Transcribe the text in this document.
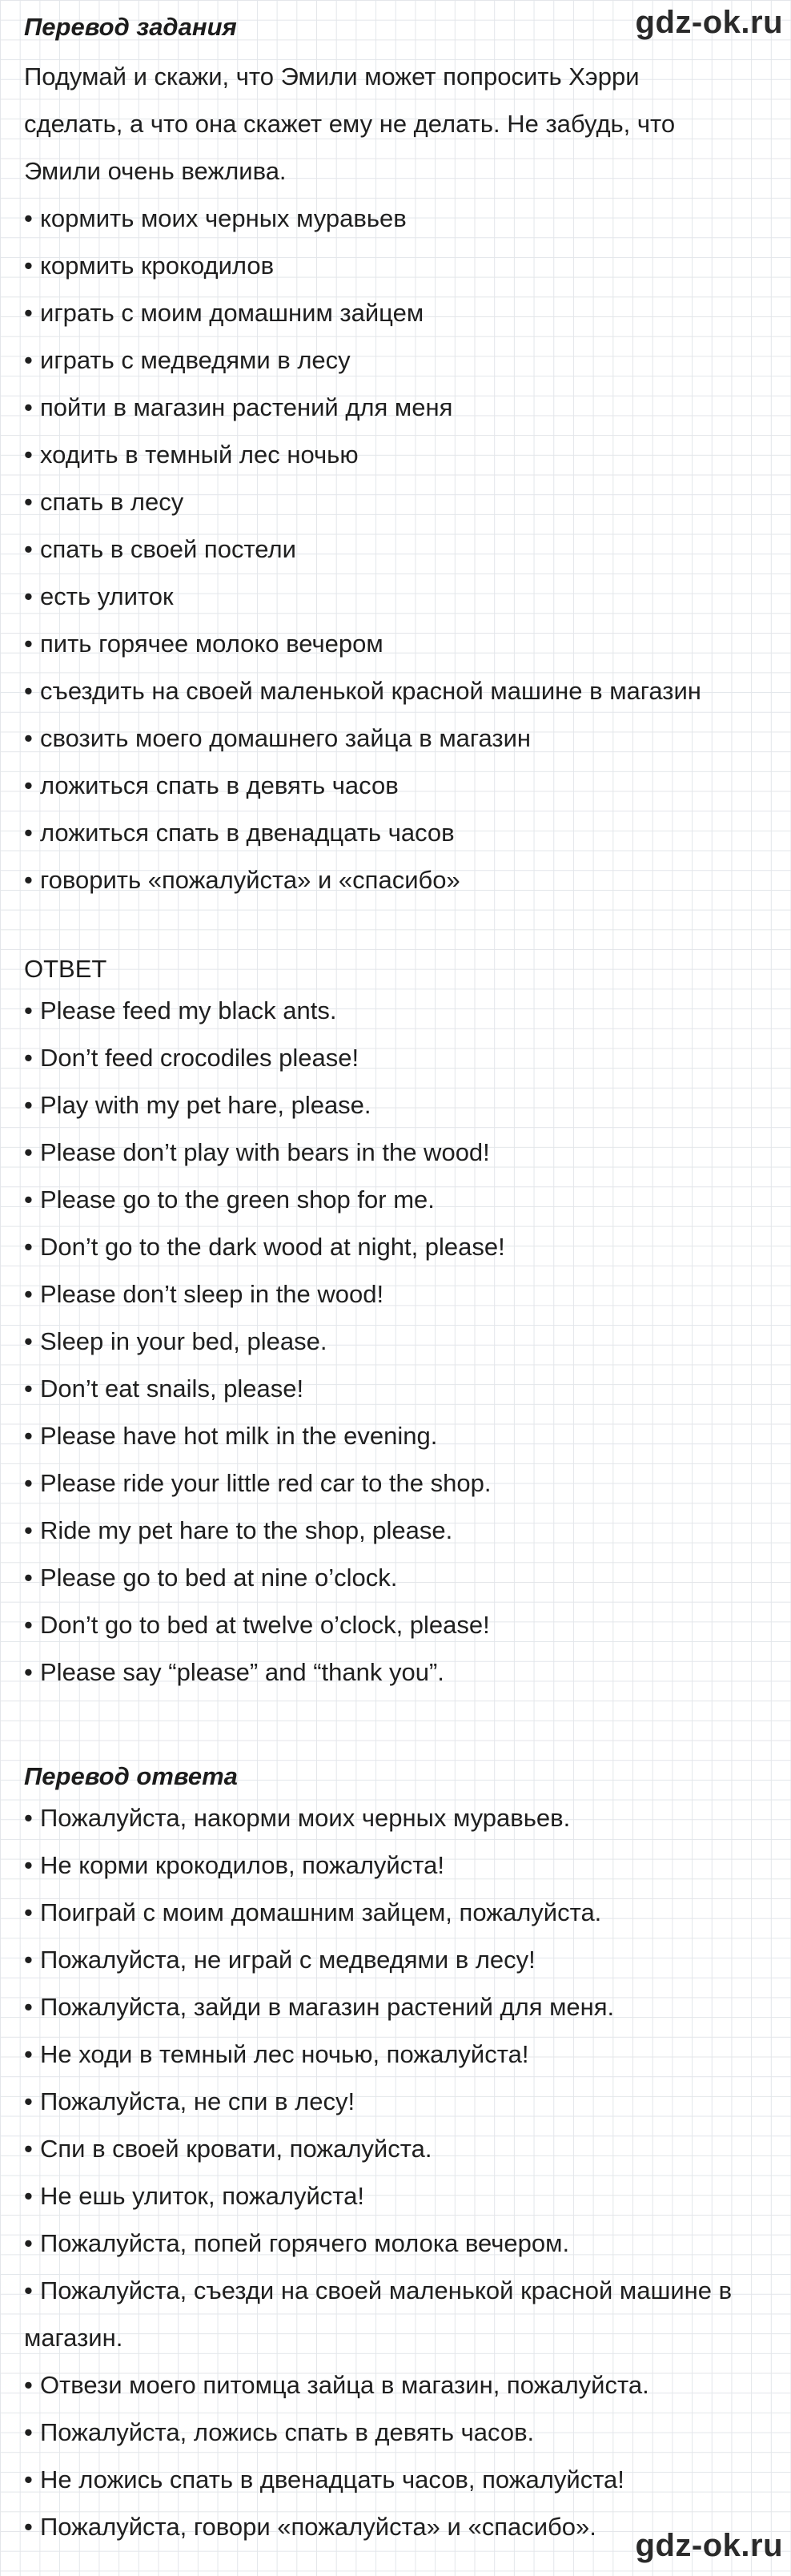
gdz-ok.ru
Перевод задания

Подумай и скажи, что Эмили может попросить Хэрри сделать, а что она скажет ему не делать. Не забудь, что Эмили очень вежлива.

• кормить моих черных муравьев
• кормить крокодилов
• играть с моим домашним зайцем
• играть с медведями в лесу
• пойти в магазин растений для меня
• ходить в темный лес ночью
• спать в лесу
• спать в своей постели
• есть улиток
• пить горячее молоко вечером
• съездить на своей маленькой красной машине в магазин
• свозить моего домашнего зайца в магазин
• ложиться спать в девять часов
• ложиться спать в двенадцать часов
• говорить «пожалуйста» и «спасибо»
ОТВЕТ
• Please feed my black ants.
• Don’t feed crocodiles please!
• Play with my pet hare, please.
• Please don’t play with bears in the wood!
• Please go to the green shop for me.
• Don’t go to the dark wood at night, please!
• Please don’t sleep in the wood!
• Sleep in your bed, please.
• Don’t eat snails, please!
• Please have hot milk in the evening.
• Please ride your little red car to the shop.
• Ride my pet hare to the shop, please.
• Please go to bed at nine o’clock.
• Don’t go to bed at twelve o’clock, please!
• Please say “please” and “thank you”.
Перевод ответа
• Пожалуйста, накорми моих черных муравьев.
• Не корми крокодилов, пожалуйста!
• Поиграй с моим домашним зайцем, пожалуйста.
• Пожалуйста, не играй с медведями в лесу!
• Пожалуйста, зайди в магазин растений для меня.
• Не ходи в темный лес ночью, пожалуйста!
• Пожалуйста, не спи в лесу!
• Спи в своей кровати, пожалуйста.
• Не ешь улиток, пожалуйста!
• Пожалуйста, попей горячего молока вечером.
• Пожалуйста, съезди на своей маленькой красной машине в магазин.
• Отвези моего питомца зайца в магазин, пожалуйста.
• Пожалуйста, ложись спать в девять часов.
• Не ложись спать в двенадцать часов, пожалуйста!
• Пожалуйста, говори «пожалуйста» и «спасибо».
gdz-ok.ru
